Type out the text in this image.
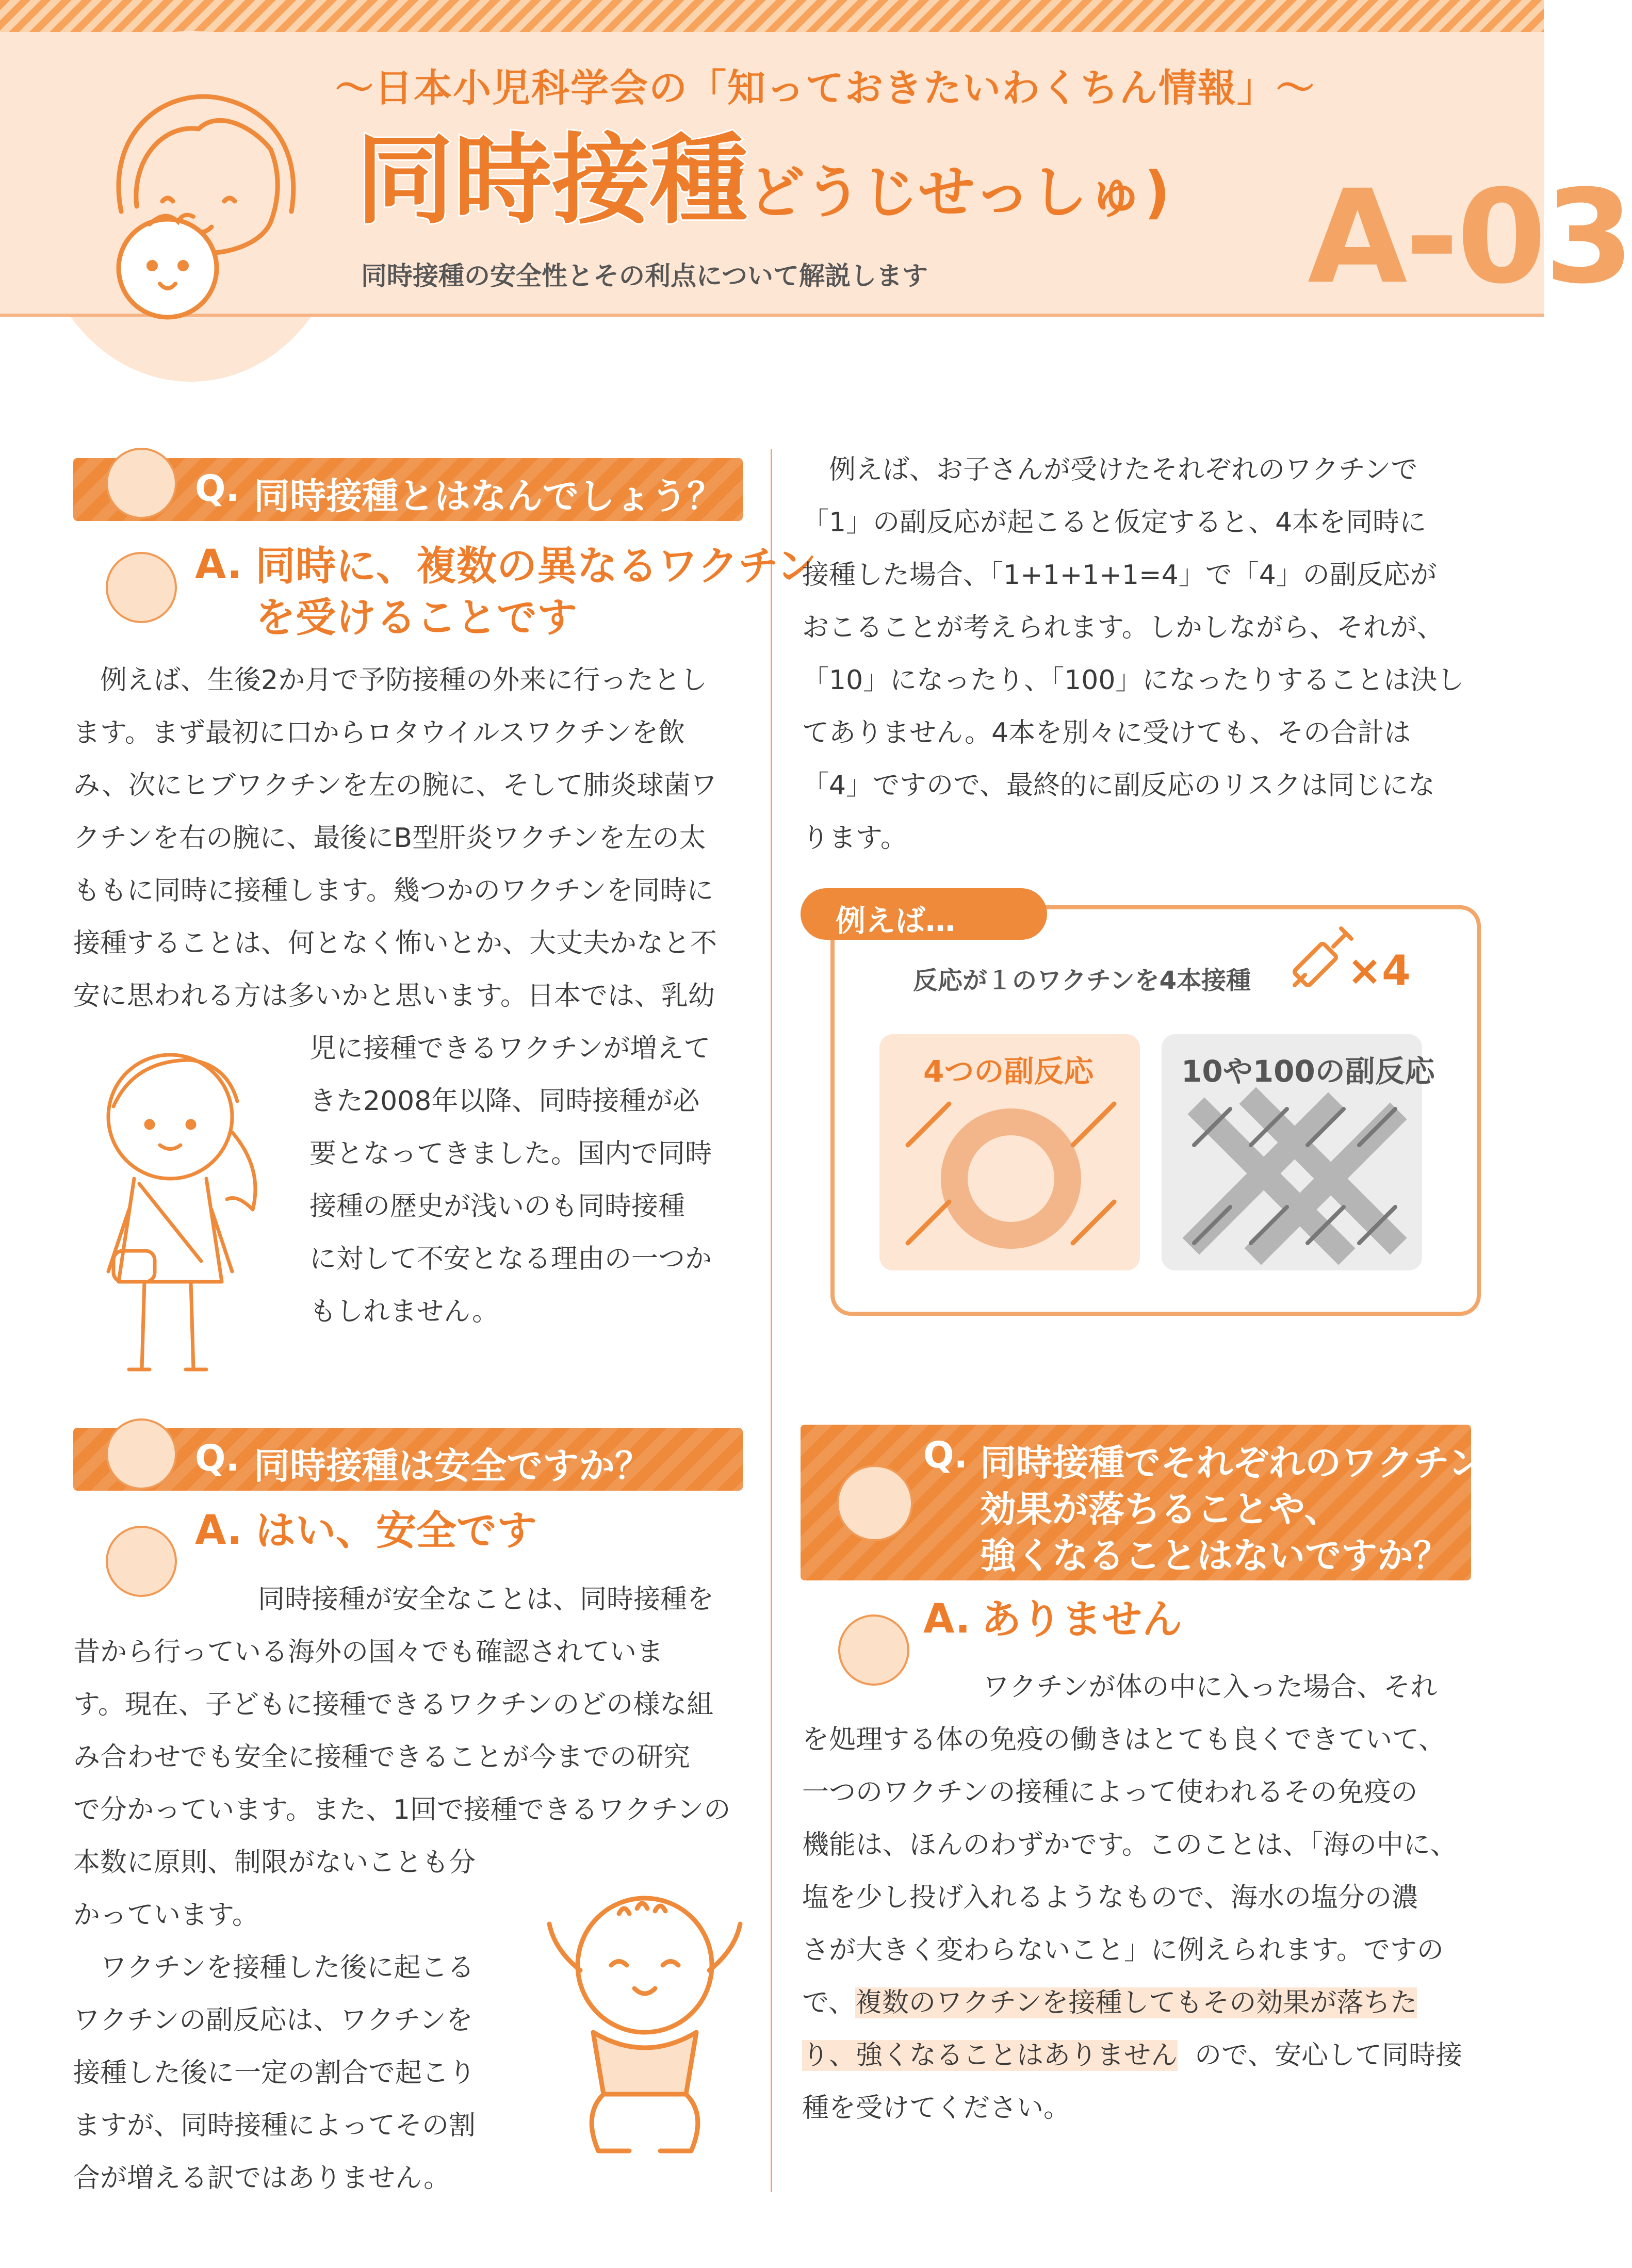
〜日本小児科学会の「知っておきたいわくちん情報」〜
同時接種
(どうじせっしゅ)
同時接種の安全性とその利点について解説します	A-03
Q. 同時接種とはなんでしょう？
A. 同時に、複数の異なるワクチン
を受けることです
　例えば、生後2か月で予防接種の外来に行ったとし
ます。まず最初に口からロタウイルスワクチンを飲
み、次にヒブワクチンを左の腕に、そして肺炎球菌ワ
クチンを右の腕に、最後にB型肝炎ワクチンを左の太
ももに同時に接種します。幾つかのワクチンを同時に
接種することは、何となく怖いとか、大丈夫かなと不
安に思われる方は多いかと思います。日本では、乳幼
児に接種できるワクチンが増えて
きた2008年以降、同時接種が必
要となってきました。国内で同時
接種の歴史が浅いのも同時接種
に対して不安となる理由の一つか
もしれません。
　例えば、お子さんが受けたそれぞれのワクチンで
「1」の副反応が起こると仮定すると、4本を同時に
接種した場合、「1+1+1+1=4」で「4」の副反応が
おこることが考えられます。しかしながら、それが、
「10」になったり、「100」になったりすることは決し
てありません。4本を別々に受けても、その合計は
「4」ですので、最終的に副反応のリスクは同じにな
ります。
例えば…
反応が１のワクチンを4本接種 ×4
4つの副反応	10や100の副反応
Q. 同時接種は安全ですか？
A. はい、安全です
同時接種が安全なことは、同時接種を
昔から行っている海外の国々でも確認されていま
す。現在、子どもに接種できるワクチンのどの様な組
み合わせでも安全に接種できることが今までの研究
で分かっています。また、1回で接種できるワクチンの
本数に原則、制限がないことも分
かっています。
　ワクチンを接種した後に起こる
ワクチンの副反応は、ワクチンを
接種した後に一定の割合で起こり
ますが、同時接種によってその割
合が増える訳ではありません。
Q. 同時接種でそれぞれのワクチンの
効果が落ちることや、
強くなることはないですか？
A. ありません
ワクチンが体の中に入った場合、それ
を処理する体の免疫の働きはとても良くできていて、
一つのワクチンの接種によって使われるその免疫の
機能は、ほんのわずかです。このことは、「海の中に、
塩を少し投げ入れるようなもので、海水の塩分の濃
さが大きく変わらないこと」に例えられます。ですの
で、複数のワクチンを接種してもその効果が落ちた
り、強くなることはありません ので、安心して同時接
種を受けてください。
